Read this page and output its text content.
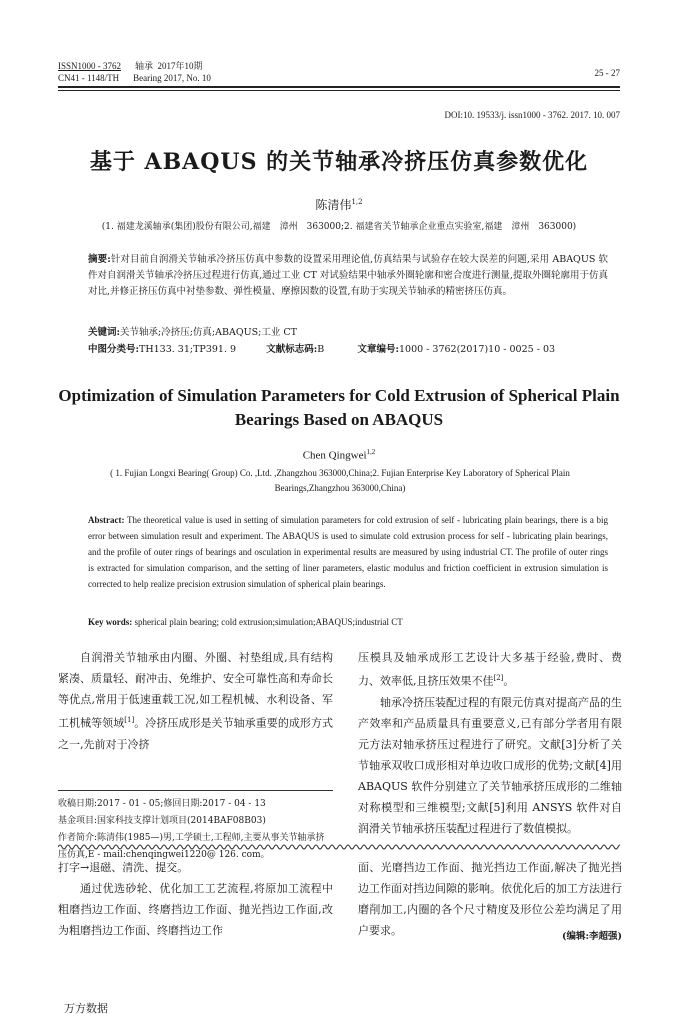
ISSN1000 - 3762 轴承 2017年10期
CN41 - 1148/TH Bearing 2017, No. 10	25 - 27
DOI:10. 19533/j. issn1000 - 3762. 2017. 10. 007
基于 ABAQUS 的关节轴承冷挤压仿真参数优化
陈清伟$^{1,2}$
(1. 福建龙溪轴承(集团)股份有限公司,福建　漳州　363000;2. 福建省关节轴承企业重点实验室,福建　漳州　363000)
摘要:针对目前自润滑关节轴承冷挤压仿真中参数的设置采用理论值,仿真结果与试验存在较大误差的问题,采用 ABAQUS 软件对自润滑关节轴承冷挤压过程进行仿真,通过工业 CT 对试验结果中轴承外圈轮廓和密合度进行测量,提取外圈轮廓用于仿真对比,并修正挤压仿真中衬垫参数、弹性模量、摩擦因数的设置,有助于实现关节轴承的精密挤压仿真。
关键词:关节轴承;冷挤压;仿真;ABAQUS;工业 CT
中图分类号:TH133. 31;TP391. 9	文献标志码:B	文章编号:1000 - 3762(2017)10 - 0025 - 03
Optimization of Simulation Parameters for Cold Extrusion of Spherical Plain Bearings Based on ABAQUS
Chen Qingwei$^{1,2}$
( 1. Fujian Longxi Bearing( Group) Co. ,Ltd. ,Zhangzhou 363000,China;2. Fujian Enterprise Key Laboratory of Spherical Plain Bearings,Zhangzhou 363000,China)
Abstract: The theoretical value is used in setting of simulation parameters for cold extrusion of self - lubricating plain bearings, there is a big error between simulation result and experiment. The ABAQUS is used to simulate cold extrusion process for self - lubricating plain bearings, and the profile of outer rings of bearings and osculation in experimental results are measured by using industrial CT. The profile of outer rings is extracted for simulation comparison, and the setting of liner parameters, elastic modulus and friction coefficient in extrusion simulation is corrected to help realize precision extrusion simulation of spherical plain bearings.
Key words: spherical plain bearing; cold extrusion;simulation;ABAQUS;industrial CT

自润滑关节轴承由内圈、外圈、衬垫组成,具有结构紧凑、质量轻、耐冲击、免维护、安全可靠性高和寿命长等优点,常用于低速重载工况,如工程机械、水利设备、军工机械等领域[1]。冷挤压成形是关节轴承重要的成形方式之一,先前对于冷挤

压模具及轴承成形工艺设计大多基于经验,费时、费力、效率低,且挤压效果不佳[2]。

轴承冷挤压装配过程的有限元仿真对提高产品的生产效率和产品质量具有重要意义,已有部分学者用有限元方法对轴承挤压过程进行了研究。文献[3]分析了关节轴承双收口成形相对单边收口成形的优势;文献[4]用 ABAQUS 软件分别建立了关节轴承挤压成形的二维轴对称模型和三维模型;文献[5]利用 ANSYS 软件对自润滑关节轴承挤压装配过程进行了数值模拟。

收稿日期:2017 - 01 - 05;修回日期:2017 - 04 - 13
基金项目:国家科技支撑计划项目(2014BAF08B03)
作者简介:陈清伟(1985—)男,工学硕士,工程师,主要从事关节轴承挤压仿真,E - mail:chenqingwei1220@ 126. com。

打字→退磁、清洗、提交。

通过优选砂轮、优化加工工艺流程,将原加工流程中粗磨挡边工作面、终磨挡边工作面、抛光挡边工作面,改为粗磨挡边工作面、终磨挡边工作

面、光磨挡边工作面、抛光挡边工作面,解决了抛光挡边工作面对挡边间隙的影响。依优化后的加工方法进行磨削加工,内圈的各个尺寸精度及形位公差均满足了用户要求。	(编辑:李超强)
万方数据
